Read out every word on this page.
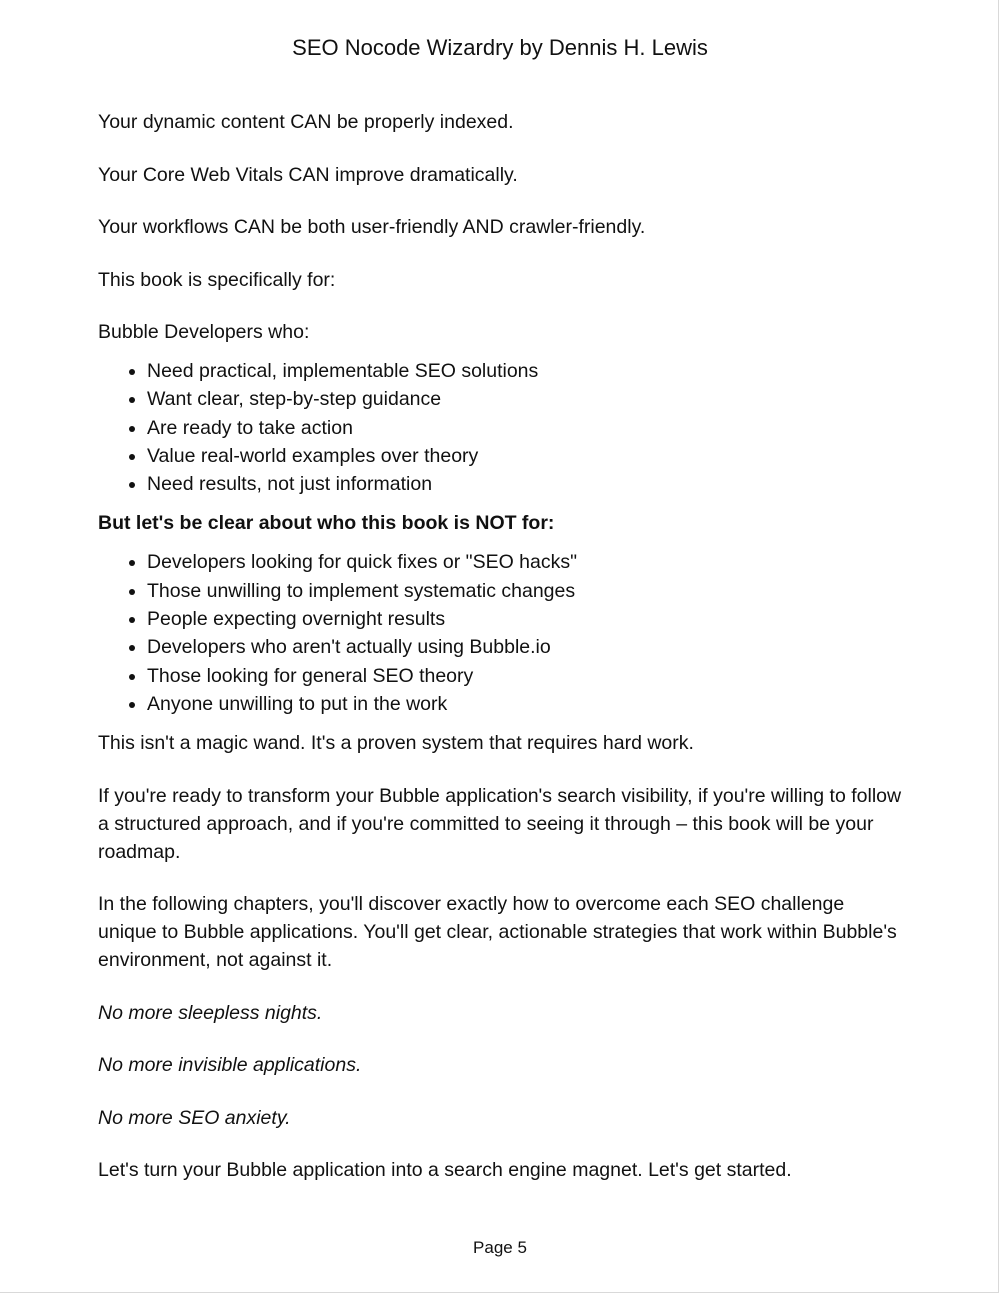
SEO Nocode Wizardry by Dennis H. Lewis

Your dynamic content CAN be properly indexed.

Your Core Web Vitals CAN improve dramatically.

Your workflows CAN be both user-friendly AND crawler-friendly.

This book is specifically for:

Bubble Developers who:

• Need practical, implementable SEO solutions
• Want clear, step-by-step guidance
• Are ready to take action
• Value real-world examples over theory
• Need results, not just information

But let's be clear about who this book is NOT for:

• Developers looking for quick fixes or "SEO hacks"
• Those unwilling to implement systematic changes
• People expecting overnight results
• Developers who aren't actually using Bubble.io
• Those looking for general SEO theory
• Anyone unwilling to put in the work

This isn't a magic wand. It's a proven system that requires hard work.

If you're ready to transform your Bubble application's search visibility, if you're willing to follow a structured approach, and if you're committed to seeing it through – this book will be your roadmap.

In the following chapters, you'll discover exactly how to overcome each SEO challenge unique to Bubble applications. You'll get clear, actionable strategies that work within Bubble's environment, not against it.

No more sleepless nights.

No more invisible applications.

No more SEO anxiety.

Let's turn your Bubble application into a search engine magnet. Let's get started.

Page 5
